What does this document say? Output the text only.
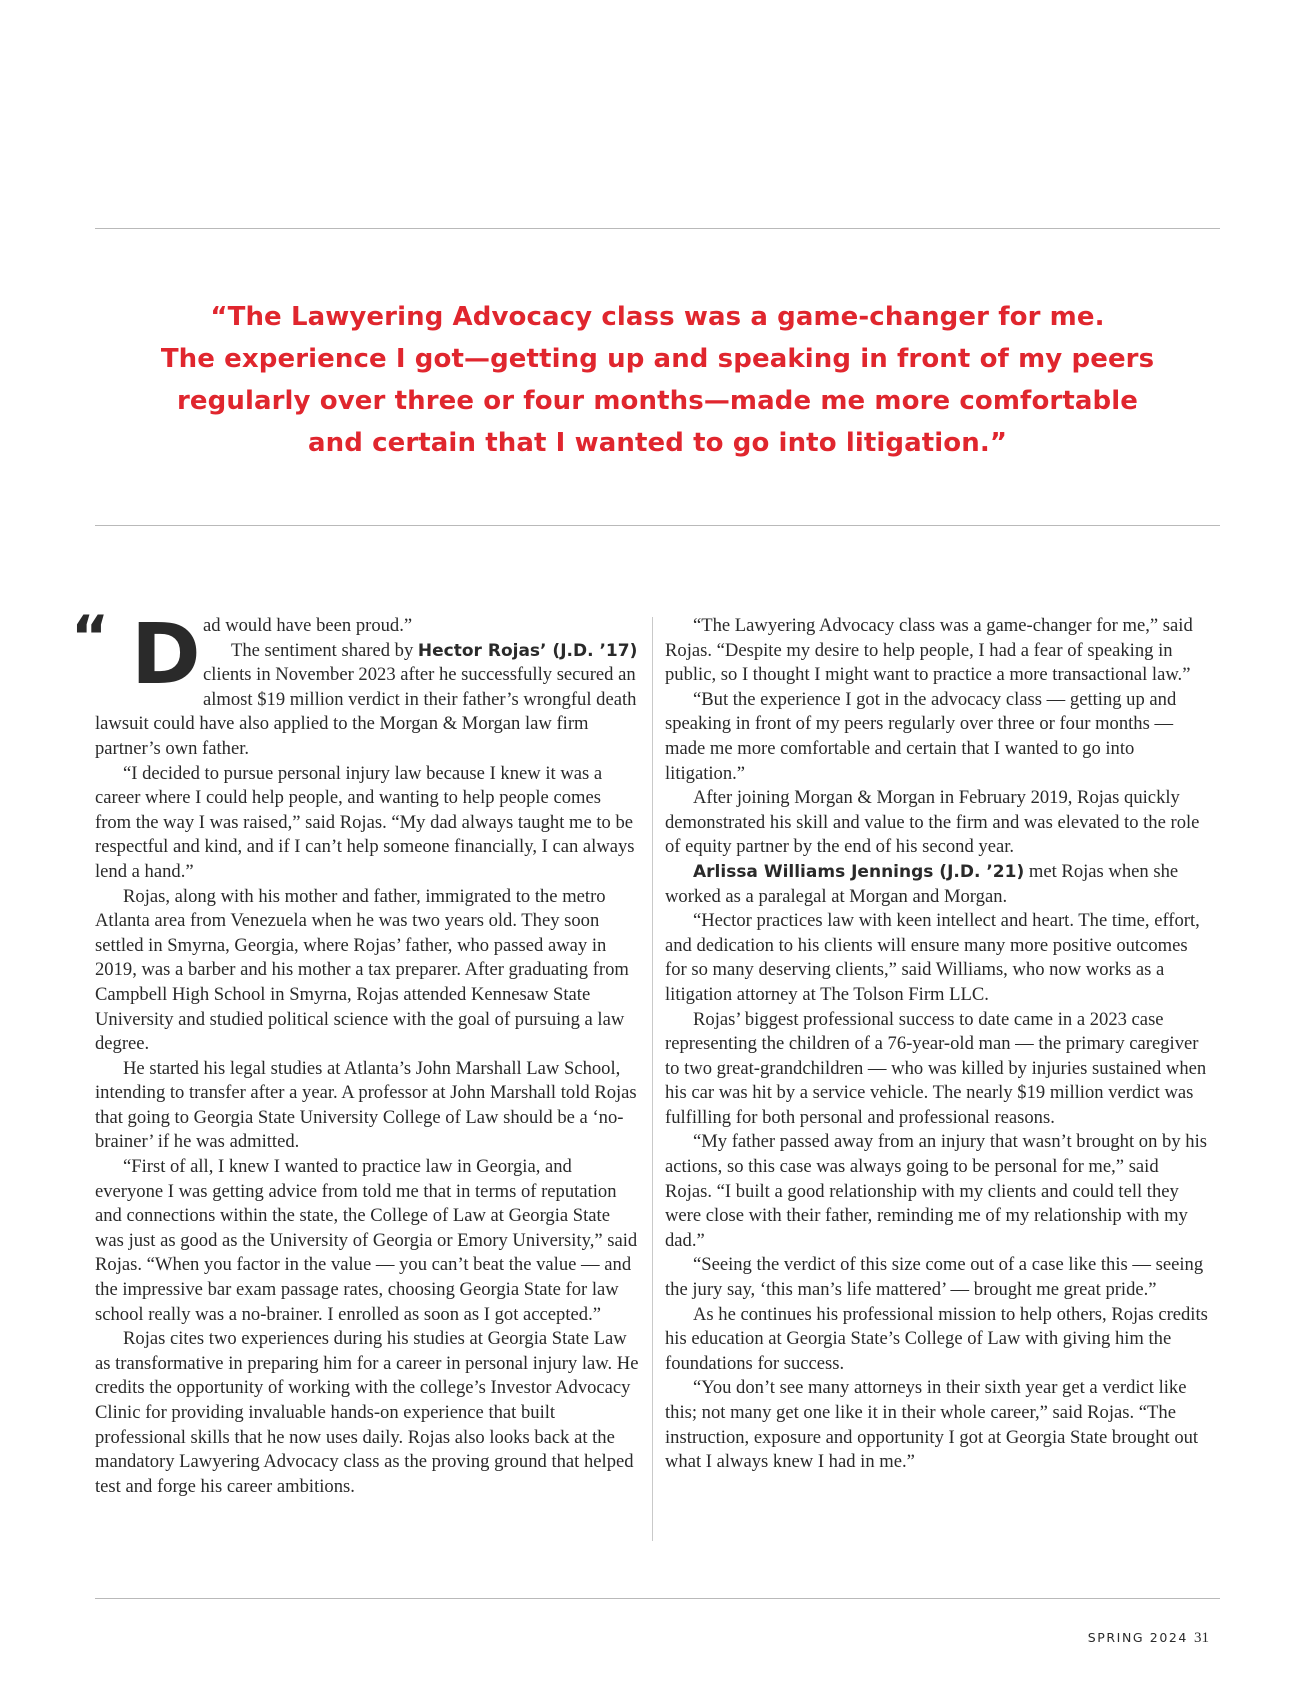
“The Lawyering Advocacy class was a game-changer for me.
The experience I got—getting up and speaking in front of my peers
regularly over three or four months—made me more comfortable
and certain that I wanted to go into litigation.”
“ D ad would have been proud.”

The sentiment shared by Hector Rojas’ (J.D. ’17) clients in November 2023 after he successfully secured an almost $19 million verdict in their father’s wrongful death lawsuit could have also applied to the Morgan & Morgan law firm partner’s own father.

“I decided to pursue personal injury law because I knew it was a career where I could help people, and wanting to help people comes from the way I was raised,” said Rojas. “My dad always taught me to be respectful and kind, and if I can’t help someone financially, I can always lend a hand.”

Rojas, along with his mother and father, immigrated to the metro Atlanta area from Venezuela when he was two years old. They soon settled in Smyrna, Georgia, where Rojas’ father, who passed away in 2019, was a barber and his mother a tax preparer. After graduating from Campbell High School in Smyrna, Rojas attended Kennesaw State University and studied political science with the goal of pursuing a law degree.

He started his legal studies at Atlanta’s John Marshall Law School, intending to transfer after a year. A professor at John Marshall told Rojas that going to Georgia State University College of Law should be a ‘no-brainer’ if he was admitted.

“First of all, I knew I wanted to practice law in Georgia, and everyone I was getting advice from told me that in terms of reputation and connections within the state, the College of Law at Georgia State was just as good as the University of Georgia or Emory University,” said Rojas. “When you factor in the value — you can’t beat the value — and the impressive bar exam passage rates, choosing Georgia State for law school really was a no-brainer. I enrolled as soon as I got accepted.”

Rojas cites two experiences during his studies at Georgia State Law as transformative in preparing him for a career in personal injury law. He credits the opportunity of working with the college’s Investor Advocacy Clinic for providing invaluable hands-on experience that built professional skills that he now uses daily. Rojas also looks back at the mandatory Lawyering Advocacy class as the proving ground that helped test and forge his career ambitions.

“The Lawyering Advocacy class was a game-changer for me,” said Rojas. “Despite my desire to help people, I had a fear of speaking in public, so I thought I might want to practice a more transactional law.”

“But the experience I got in the advocacy class — getting up and speaking in front of my peers regularly over three or four months — made me more comfortable and certain that I wanted to go into litigation.”

After joining Morgan & Morgan in February 2019, Rojas quickly demonstrated his skill and value to the firm and was elevated to the role of equity partner by the end of his second year.

Arlissa Williams Jennings (J.D. ’21) met Rojas when she worked as a paralegal at Morgan and Morgan.

“Hector practices law with keen intellect and heart. The time, effort, and dedication to his clients will ensure many more positive outcomes for so many deserving clients,” said Williams, who now works as a litigation attorney at The Tolson Firm LLC.

Rojas’ biggest professional success to date came in a 2023 case representing the children of a 76-year-old man — the primary caregiver to two great-grandchildren — who was killed by injuries sustained when his car was hit by a service vehicle. The nearly $19 million verdict was fulfilling for both personal and professional reasons.

“My father passed away from an injury that wasn’t brought on by his actions, so this case was always going to be personal for me,” said Rojas. “I built a good relationship with my clients and could tell they were close with their father, reminding me of my relationship with my dad.”

“Seeing the verdict of this size come out of a case like this — seeing the jury say, ‘this man’s life mattered’ — brought me great pride.”

As he continues his professional mission to help others, Rojas credits his education at Georgia State’s College of Law with giving him the foundations for success.

“You don’t see many attorneys in their sixth year get a verdict like this; not many get one like it in their whole career,” said Rojas. “The instruction, exposure and opportunity I got at Georgia State brought out what I always knew I had in me.”

SPRING 2024 31
